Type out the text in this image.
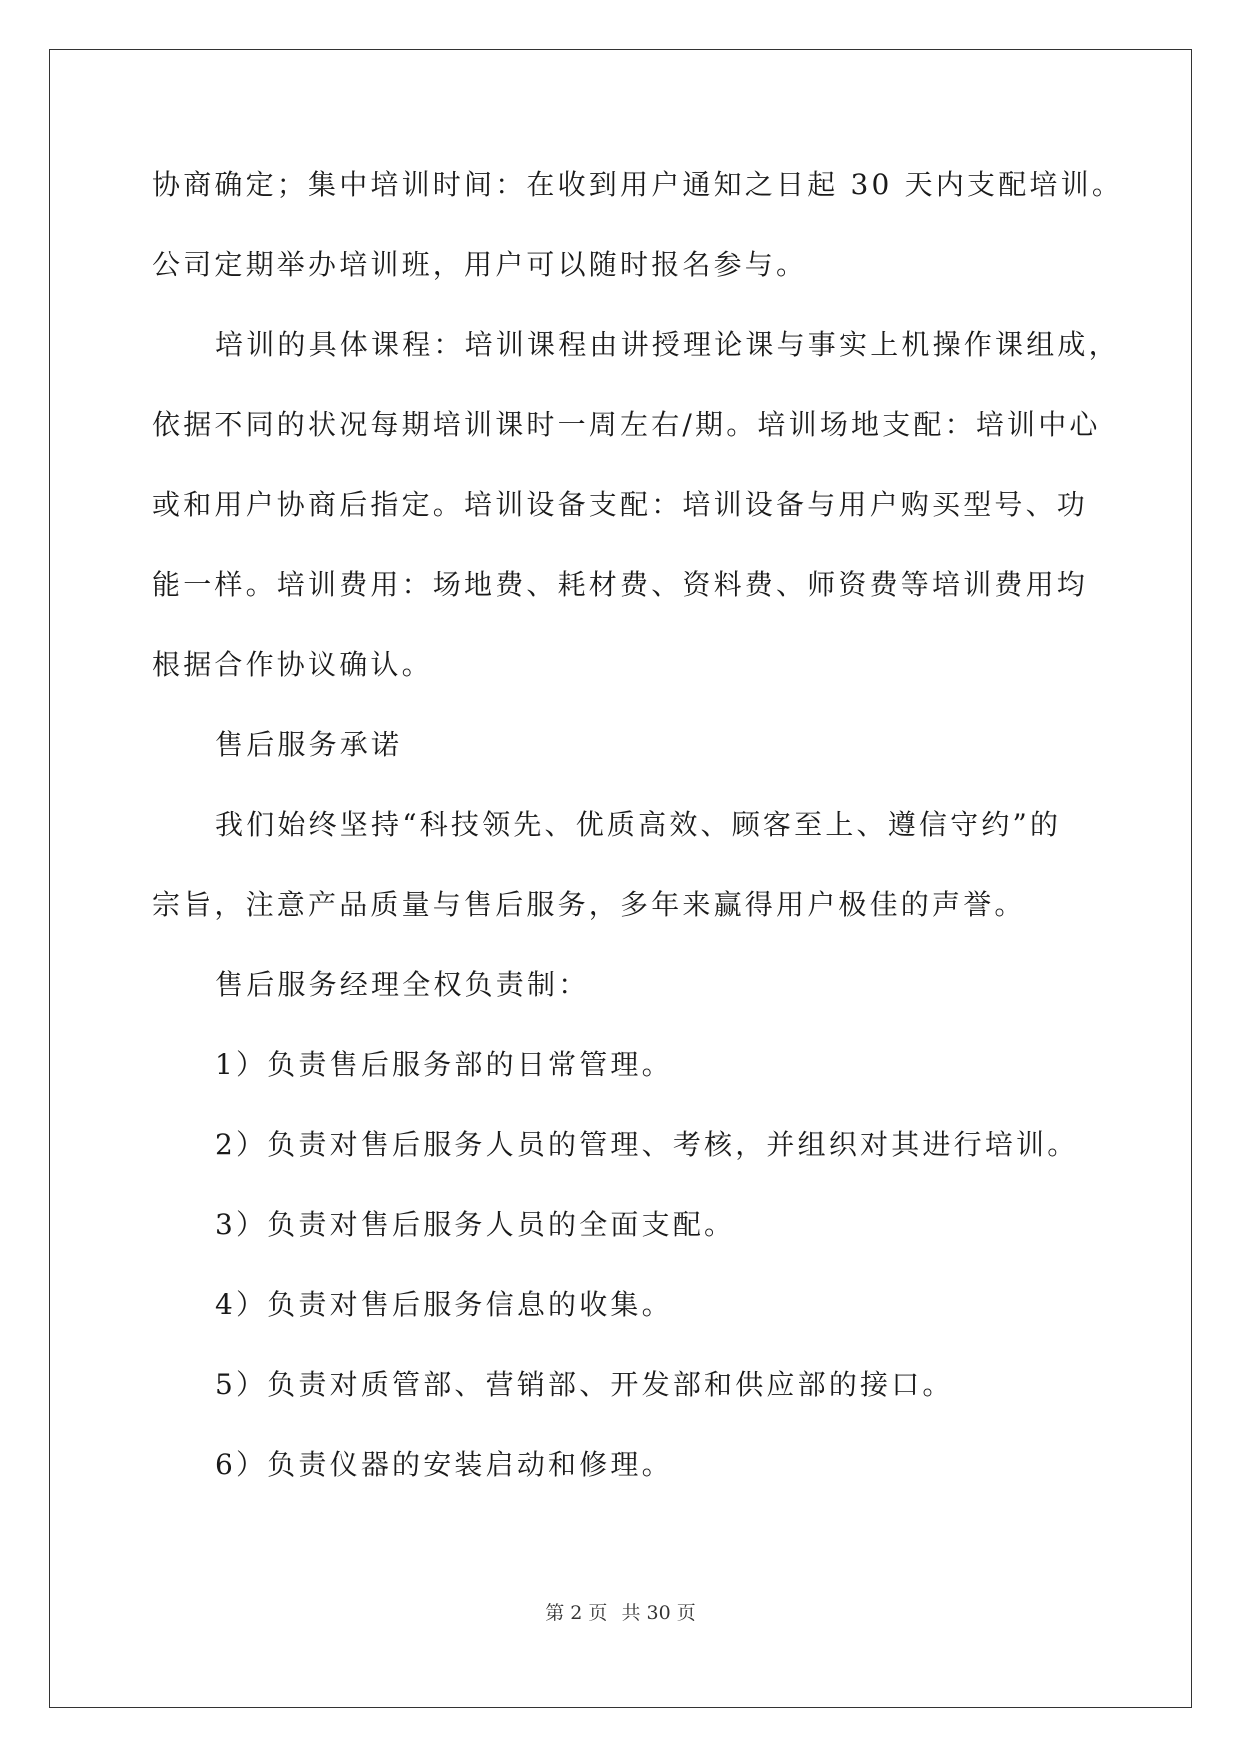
协商确定；集中培训时间：在收到用户通知之日起 30 天内支配培训。
公司定期举办培训班，用户可以随时报名参与。
培训的具体课程：培训课程由讲授理论课与事实上机操作课组成，
依据不同的状况每期培训课时一周左右/期。培训场地支配：培训中心
或和用户协商后指定。培训设备支配：培训设备与用户购买型号、功
能一样。培训费用：场地费、耗材费、资料费、师资费等培训费用均
根据合作协议确认。
售后服务承诺
我们始终坚持“科技领先、优质高效、顾客至上、遵信守约”的
宗旨，注意产品质量与售后服务，多年来赢得用户极佳的声誉。
售后服务经理全权负责制：
1）负责售后服务部的日常管理。
2）负责对售后服务人员的管理、考核，并组织对其进行培训。
3）负责对售后服务人员的全面支配。
4）负责对售后服务信息的收集。
5）负责对质管部、营销部、开发部和供应部的接口。
6）负责仪器的安装启动和修理。
第 2 页 共 30 页
